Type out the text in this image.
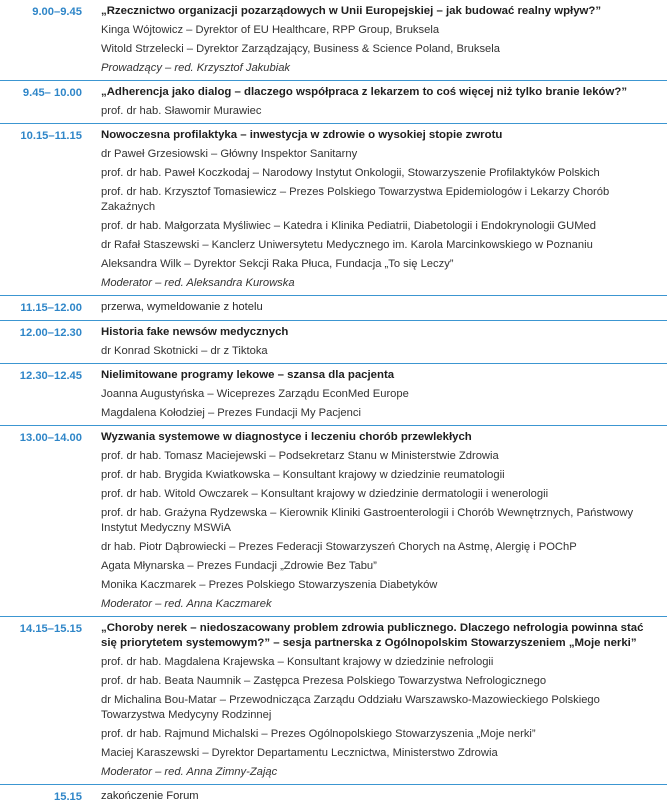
9.00–9.45	„Rzecznictwo organizacji pozarządowych w Unii Europejskiej – jak budować realny wpływ?”
Kinga Wójtowicz – Dyrektor of EU Healthcare, RPP Group, Bruksela
Witold Strzelecki – Dyrektor Zarządzający, Business & Science Poland, Bruksela
Prowadzący – red. Krzysztof Jakubiak
9.45– 10.00	„Adherencja jako dialog – dlaczego współpraca z lekarzem to coś więcej niż tylko branie leków?”
prof. dr hab. Sławomir Murawiec
10.15–11.15	Nowoczesna profilaktyka – inwestycja w zdrowie o wysokiej stopie zwrotu
dr Paweł Grzesiowski – Główny Inspektor Sanitarny
prof. dr hab. Paweł Koczkodaj – Narodowy Instytut Onkologii, Stowarzyszenie Profilaktyków Polskich
prof. dr hab. Krzysztof Tomasiewicz – Prezes Polskiego Towarzystwa Epidemiologów i Lekarzy Chorób Zakaźnych
prof. dr hab. Małgorzata Myśliwiec – Katedra i Klinika Pediatrii, Diabetologii i Endokrynologii GUMed
dr Rafał Staszewski – Kanclerz Uniwersytetu Medycznego im. Karola Marcinkowskiego w Poznaniu
Aleksandra Wilk – Dyrektor Sekcji Raka Płuca, Fundacja „To się Leczy”
Moderator – red. Aleksandra Kurowska
11.15–12.00	przerwa, wymeldowanie z hotelu
12.00–12.30	Historia fake newsów medycznych
dr Konrad Skotnicki – dr z Tiktoka
12.30–12.45	Nielimitowane programy lekowe – szansa dla pacjenta
Joanna Augustyńska – Wiceprezes Zarządu EconMed Europe
Magdalena Kołodziej – Prezes Fundacji My Pacjenci
13.00–14.00	Wyzwania systemowe w diagnostyce i leczeniu chorób przewlekłych
prof. dr hab. Tomasz Maciejewski – Podsekretarz Stanu w Ministerstwie Zdrowia
prof. dr hab. Brygida Kwiatkowska – Konsultant krajowy w dziedzinie reumatologii
prof. dr hab. Witold Owczarek – Konsultant krajowy w dziedzinie dermatologii i wenerologii
prof. dr hab. Grażyna Rydzewska – Kierownik Kliniki Gastroenterologii i Chorób Wewnętrznych, Państwowy Instytut Medyczny MSWiA
dr hab. Piotr Dąbrowiecki – Prezes Federacji Stowarzyszeń Chorych na Astmę, Alergię i POChP
Agata Młynarska – Prezes Fundacji „Zdrowie Bez Tabu”
Monika Kaczmarek – Prezes Polskiego Stowarzyszenia Diabetyków
Moderator – red. Anna Kaczmarek
14.15–15.15	„Choroby nerek – niedoszacowany problem zdrowia publicznego. Dlaczego nefrologia powinna stać się priorytetem systemowym?” – sesja partnerska z Ogólnopolskim Stowarzyszeniem „Moje nerki”
prof. dr hab. Magdalena Krajewska – Konsultant krajowy w dziedzinie nefrologii
prof. dr hab. Beata Naumnik – Zastępca Prezesa Polskiego Towarzystwa Nefrologicznego
dr Michalina Bou-Matar – Przewodnicząca Zarządu Oddziału Warszawsko-Mazowieckiego Polskiego Towarzystwa Medycyny Rodzinnej
prof. dr hab. Rajmund Michalski – Prezes Ogólnopolskiego Stowarzyszenia „Moje nerki”
Maciej Karaszewski – Dyrektor Departamentu Lecznictwa, Ministerstwo Zdrowia
Moderator – red. Anna Zimny-Zając
15.15	zakończenie Forum
